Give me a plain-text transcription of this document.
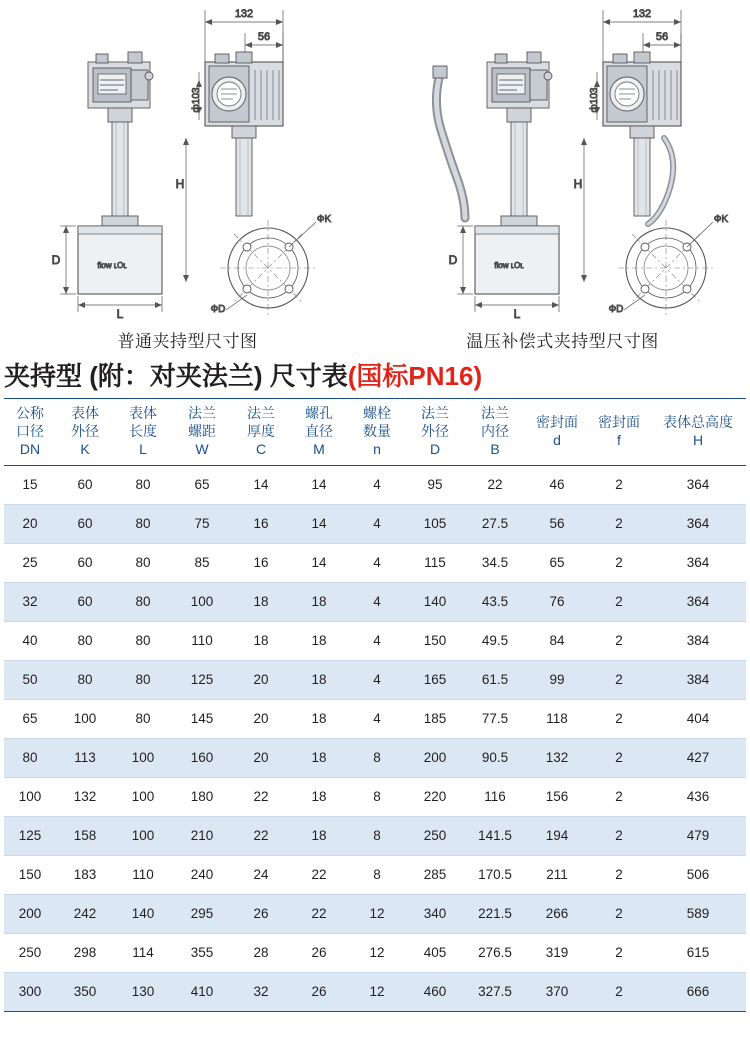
132
56
flow ʟOʟ
D
L
ф103
H
ФK
ФD
普通夹持型尺寸图
132
56
flow ʟOʟ
D
L
ф103
H
ФK
ФD
温压补偿式夹持型尺寸图
夹持型 (附：对夹法兰) 尺寸表(国标PN16)
公称
口径
DN	表体
外径
K	表体
长度
L	法兰
螺距
W	法兰
厚度
C	螺孔
直径
M	螺栓
数量
n	法兰
外径
D	法兰
内径
B	密封面
d	密封面
f	表体总高度
H

15	60	80	65	14	14	4	95	22	46	2	364
20	60	80	75	16	14	4	105	27.5	56	2	364
25	60	80	85	16	14	4	115	34.5	65	2	364
32	60	80	100	18	18	4	140	43.5	76	2	364
40	80	80	110	18	18	4	150	49.5	84	2	384
50	80	80	125	20	18	4	165	61.5	99	2	384
65	100	80	145	20	18	4	185	77.5	118	2	404
80	113	100	160	20	18	8	200	90.5	132	2	427
100	132	100	180	22	18	8	220	116	156	2	436
125	158	100	210	22	18	8	250	141.5	194	2	479
150	183	110	240	24	22	8	285	170.5	211	2	506
200	242	140	295	26	22	12	340	221.5	266	2	589
250	298	114	355	28	26	12	405	276.5	319	2	615
300	350	130	410	32	26	12	460	327.5	370	2	666
